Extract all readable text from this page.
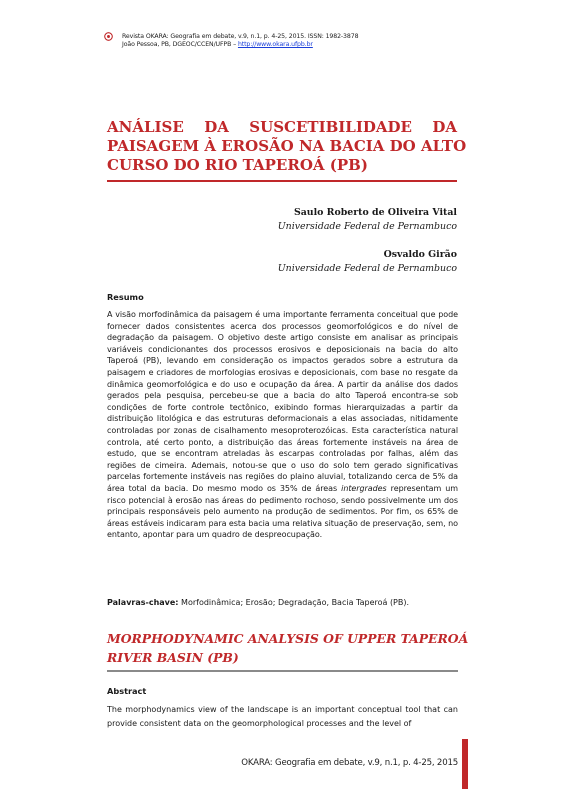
Revista OKARA: Geografia em debate, v.9, n.1, p. 4-25, 2015. ISSN: 1982-3878
João Pessoa, PB, DGEOC/CCEN/UFPB – http://www.okara.ufpb.br
ANÁLISE DA SUSCETIBILIDADE DA
PAISAGEM À EROSÃO NA BACIA DO ALTO
CURSO DO RIO TAPEROÁ (PB)
Saulo Roberto de Oliveira Vital
Universidade Federal de Pernambuco
Osvaldo Girão
Universidade Federal de Pernambuco
Resumo
A visão morfodinâmica da paisagem é uma importante ferramenta conceitual que pode fornecer dados consistentes acerca dos processos geomorfológicos e do nível de degradação da paisagem. O objetivo deste artigo consiste em analisar as principais variáveis condicionantes dos processos erosivos e deposicionais na bacia do alto Taperoá (PB), levando em consideração os impactos gerados sobre a estrutura da paisagem e criadores de morfologias erosivas e deposicionais, com base no resgate da dinâmica geomorfológica e do uso e ocupação da área. A partir da análise dos dados gerados pela pesquisa, percebeu-se que a bacia do alto Taperoá encontra-se sob condições de forte controle tectônico, exibindo formas hierarquizadas a partir da distribuição litológica e das estruturas deformacionais a elas associadas, nitidamente controladas por zonas de cisalhamento mesoproterozóicas. Esta característica natural controla, até certo ponto, a distribuição das áreas fortemente instáveis na área de estudo, que se encontram atreladas às escarpas controladas por falhas, além das regiões de cimeira. Ademais, notou-se que o uso do solo tem gerado significativas parcelas fortemente instáveis nas regiões do plaino aluvial, totalizando cerca de 5% da área total da bacia. Do mesmo modo os 35% de áreas intergrades representam um risco potencial à erosão nas áreas do pedimento rochoso, sendo possivelmente um dos principais responsáveis pelo aumento na produção de sedimentos. Por fim, os 65% de áreas estáveis indicaram para esta bacia uma relativa situação de preservação, sem, no entanto, apontar para um quadro de despreocupação.
Palavras-chave: Morfodinâmica; Erosão; Degradação, Bacia Taperoá (PB).
MORPHODYNAMIC ANALYSIS OF UPPER TAPEROÁ
RIVER BASIN (PB)
Abstract
The morphodynamics view of the landscape is an important conceptual tool that can provide consistent data on the geomorphological processes and the level of
OKARA: Geografia em debate, v.9, n.1, p. 4-25, 2015
